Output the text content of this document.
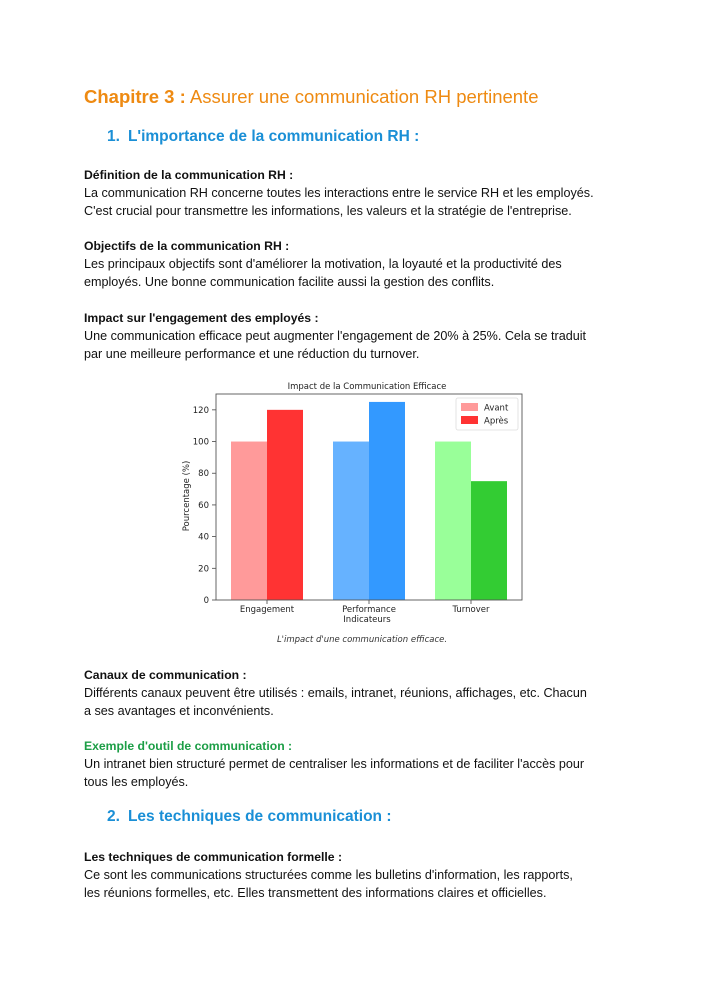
Chapitre 3 : Assurer une communication RH pertinente
1. L'importance de la communication RH :
Définition de la communication RH :
La communication RH concerne toutes les interactions entre le service RH et les employés.
C'est crucial pour transmettre les informations, les valeurs et la stratégie de l'entreprise.
Objectifs de la communication RH :
Les principaux objectifs sont d'améliorer la motivation, la loyauté et la productivité des
employés. Une bonne communication facilite aussi la gestion des conflits.
Impact sur l'engagement des employés :
Une communication efficace peut augmenter l'engagement de 20% à 25%. Cela se traduit
par une meilleure performance et une réduction du turnover.
Impact de la Communication Efficace
0
20
40
60
80
100
120
Engagement	Performance	Turnover
Avant
Après
Pourcentage (%)
Indicateurs
L'impact d'une communication efficace.
Canaux de communication :
Différents canaux peuvent être utilisés : emails, intranet, réunions, affichages, etc. Chacun
a ses avantages et inconvénients.
Exemple d'outil de communication :
Un intranet bien structuré permet de centraliser les informations et de faciliter l'accès pour
tous les employés.
2. Les techniques de communication :
Les techniques de communication formelle :
Ce sont les communications structurées comme les bulletins d'information, les rapports,
les réunions formelles, etc. Elles transmettent des informations claires et officielles.
